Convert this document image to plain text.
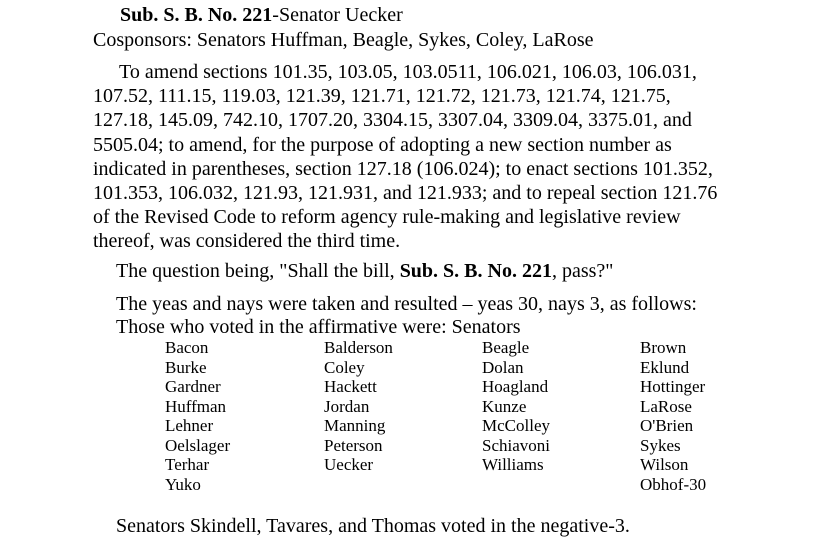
Sub. S. B. No. 221-Senator Uecker
Cosponsors: Senators Huffman, Beagle, Sykes, Coley, LaRose
To amend sections 101.35, 103.05, 103.0511, 106.021, 106.03, 106.031,
107.52, 111.15, 119.03, 121.39, 121.71, 121.72, 121.73, 121.74, 121.75,
127.18, 145.09, 742.10, 1707.20, 3304.15, 3307.04, 3309.04, 3375.01, and
5505.04; to amend, for the purpose of adopting a new section number as
indicated in parentheses, section 127.18 (106.024); to enact sections 101.352,
101.353, 106.032, 121.93, 121.931, and 121.933; and to repeal section 121.76
of the Revised Code to reform agency rule-making and legislative review
thereof, was considered the third time.
The question being, "Shall the bill, Sub. S. B. No. 221, pass?"
The yeas and nays were taken and resulted – yeas 30, nays 3, as follows:
Those who voted in the affirmative were: Senators
Bacon
Burke
Gardner
Huffman
Lehner
Oelslager
Terhar
Yuko
Balderson
Coley
Hackett
Jordan
Manning
Peterson
Uecker
Beagle
Dolan
Hoagland
Kunze
McColley
Schiavoni
Williams
Brown
Eklund
Hottinger
LaRose
O'Brien
Sykes
Wilson
Obhof-30
Senators Skindell, Tavares, and Thomas voted in the negative-3.
